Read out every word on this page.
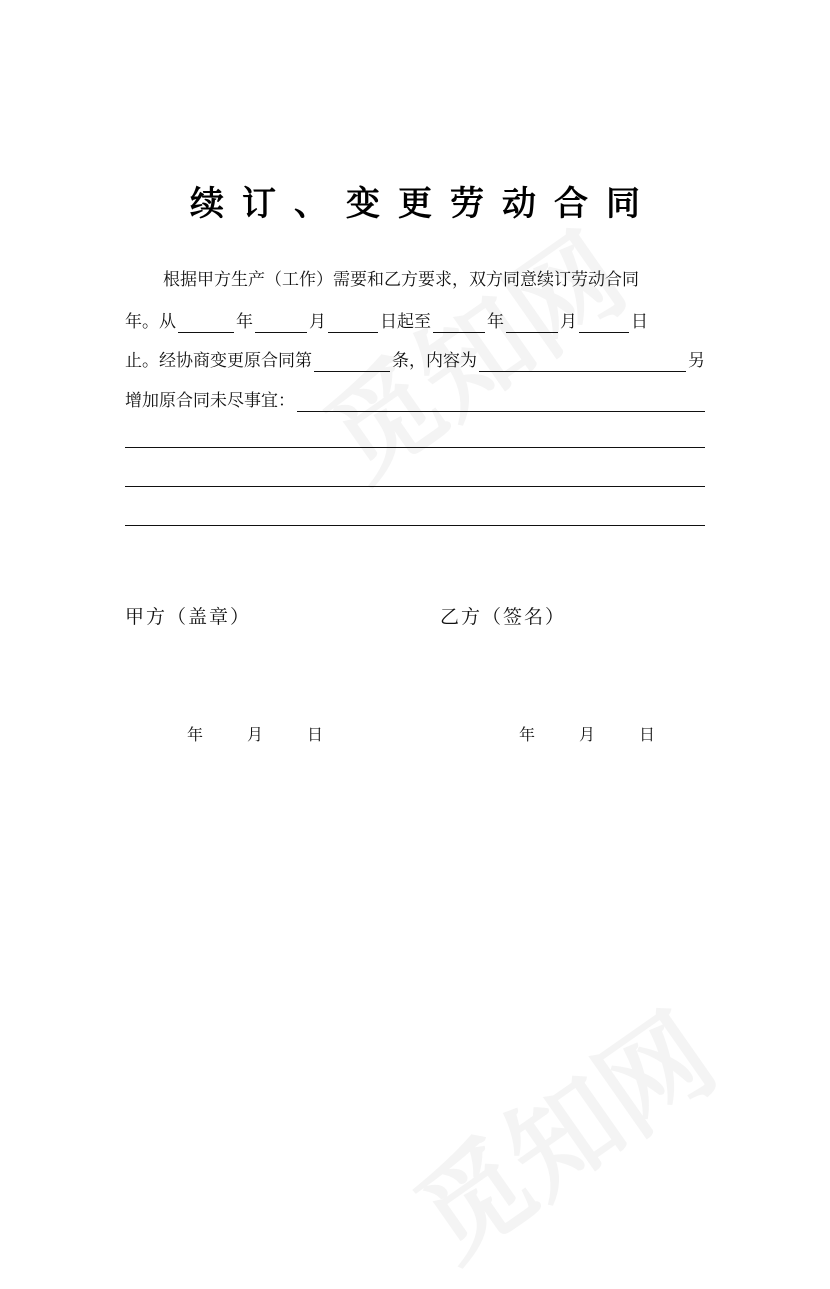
续订、变更劳动合同
根据甲方生产（工作）需要和乙方要求，双方同意续订劳动合同
年。从	年	月	日起至	年	月	日
止。经协商变更原合同第	条，内容为	另
增加原合同未尽事宜：
甲方（盖章）	乙方（签名）
年	月	日	年	月	日
